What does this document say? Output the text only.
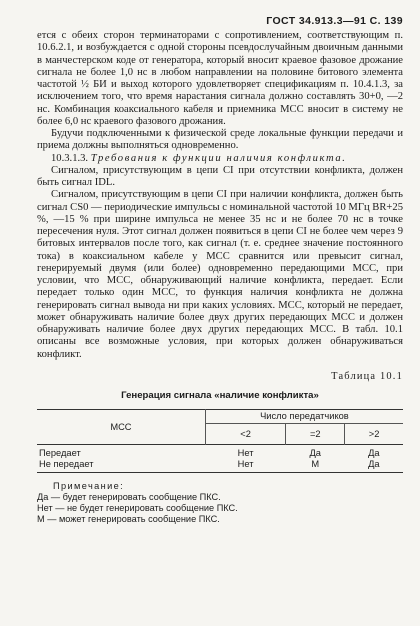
ГОСТ 34.913.3—91 С. 139

ется с обеих сторон терминаторами с сопротивлением, соответствующим п. 10.6.2.1, и возбуждается с одной стороны псевдослучайным двоичным данными в манчестерском коде от генератора, который вносит краевое фазовое дрожание сигнала не более 1,0 нс в любом направлении на половине битового элемента частотой ½ БИ и выход которого удовлетворяет спецификациям п. 10.4.1.3, за исключением того, что время нарастания сигнала должно составлять 30+0, —2 нс. Комбинация коаксиального кабеля и приемника МСС вносит в систему не более 6,0 нс краевого фазового дрожания.

Будучи подключенными к физической среде локальные функции передачи и приема должны выполняться одновременно.

10.3.1.3. Требования к функции наличия конфликта.

Сигналом, присутствующим в цепи CI при отсутствии конфликта, должен быть сигнал IDL.

Сигналом, присутствующим в цепи CI при наличии конфликта, должен быть сигнал CS0 — периодические импульсы с номинальной частотой 10 МГц BR+25 %, —15 % при ширине импульса не менее 35 нс и не более 70 нс в точке пересечения нуля. Этот сигнал должен появиться в цепи CI не более чем через 9 битовых интервалов после того, как сигнал (т. е. среднее значение постоянного тока) в коаксиальном кабеле у МСС сравнится или превысит сигнал, генерируемый двумя (или более) одновременно передающими МСС, при условии, что МСС, обнаруживающий наличие конфликта, передает. Если передает только один МСС, то функция наличия конфликта не должна генерировать сигнал вывода ни при каких условиях. МСС, который не передает, может обнаруживать наличие более двух других передающих МСС и должен обнаруживать наличие более двух других передающих МСС. В табл. 10.1 описаны все возможные условия, при которых должен обнаруживаться конфликт.

Таблица 10.1
Генерация сигнала «наличие конфликта»
МСС	Число передатчиков		
	<2	=2	>2
Передает	Нет	Да	Да
Не передает	Нет	М	Да
Примечание:
Да — будет генерировать сообщение ПКС.
Нет — не будет генерировать сообщение ПКС.
М — может генерировать сообщение ПКС.
